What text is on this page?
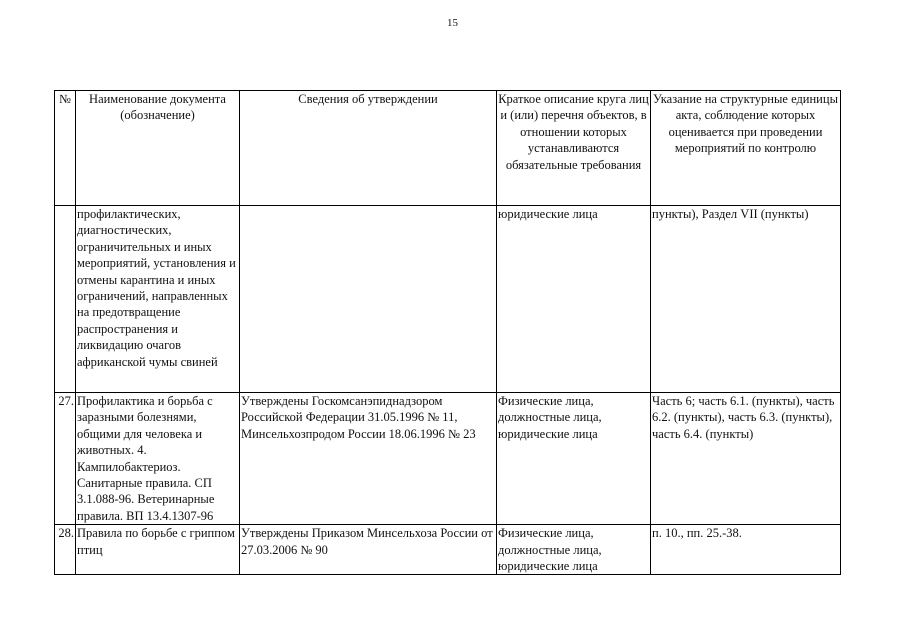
15
№	Наименование документа (обозначение)	Сведения об утверждении	Краткое описание круга лиц и (или) перечня объектов, в отношении которых устанавливаются обязательные требования	Указание на структурные единицы акта, соблюдение которых оценивается при проведении мероприятий по контролю
	профилактических, диагностических, ограничительных и иных мероприятий, установления и отмены карантина и иных ограничений, направленных на предотвращение распространения и ликвидацию очагов африканской чумы свиней		юридические лица	пункты), Раздел VII (пункты)
27.	Профилактика и борьба с заразными болезнями, общими для человека и животных. 4. Кампилобактериоз. Санитарные правила. СП 3.1.088-96. Ветеринарные правила. ВП 13.4.1307-96	Утверждены Госкомсанэпиднадзором Российской Федерации 31.05.1996 № 11, Минсельхозпродом России 18.06.1996 № 23	Физические лица, должностные лица, юридические лица	Часть 6; часть 6.1. (пункты), часть 6.2. (пункты), часть 6.3. (пункты), часть 6.4. (пункты)
28.	Правила по борьбе с гриппом птиц	Утверждены Приказом Минсельхоза России от 27.03.2006 № 90	Физические лица, должностные лица, юридические лица	п. 10., пп. 25.-38.
